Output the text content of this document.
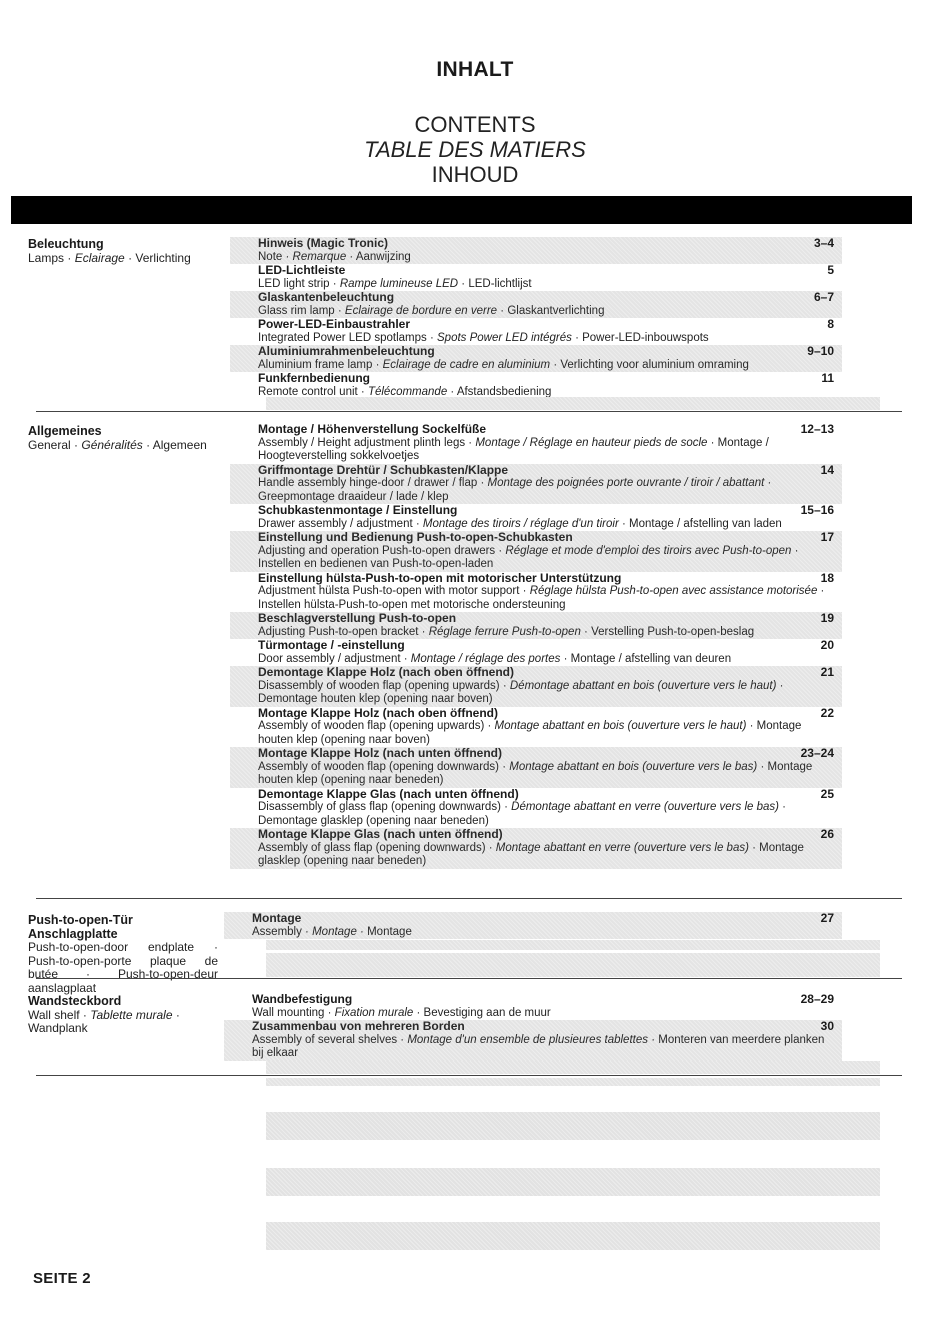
INHALT
CONTENTS
TABLE DES MATIERS
INHOUD
Beleuchtung
Lamps · Eclairage · Verlichting
Hinweis (Magic Tronic)	3–4
Note · Remarque · Aanwijzing
LED-Lichtleiste	5
LED light strip · Rampe lumineuse LED · LED-lichtlijst
Glaskantenbeleuchtung	6–7
Glass rim lamp · Eclairage de bordure en verre · Glaskantverlichting
Power-LED-Einbaustrahler	8
Integrated Power LED spotlamps · Spots Power LED intégrés · Power-LED-inbouwspots
Aluminiumrahmenbeleuchtung	9–10
Aluminium frame lamp · Eclairage de cadre en aluminium · Verlichting voor aluminium omraming
Funkfernbedienung	11
Remote control unit · Télécommande · Afstandsbediening
Allgemeines
General · Généralités · Algemeen
Montage / Höhenverstellung Sockelfüße	12–13
Assembly / Height adjustment plinth legs · Montage / Réglage en hauteur pieds de socle · Montage / Hoogteverstelling sokkelvoetjes
Griffmontage Drehtür / Schubkasten/Klappe	14
Handle assembly hinge-door / drawer / flap · Montage des poignées porte ouvrante / tiroir / abattant · Greepmontage draaideur / lade / klep
Schubkastenmontage / Einstellung	15–16
Drawer assembly / adjustment · Montage des tiroirs / réglage d'un tiroir · Montage / afstelling van laden
Einstellung und Bedienung Push-to-open-Schubkasten	17
Adjusting and operation Push-to-open drawers · Réglage et mode d'emploi des tiroirs avec Push-to-open · Instellen en bedienen van Push-to-open-laden
Einstellung hülsta-Push-to-open mit motorischer Unterstützung	18
Adjustment hülsta Push-to-open with motor support · Réglage hülsta Push-to-open avec assistance motorisée · Instellen hülsta-Push-to-open met motorische ondersteuning
Beschlagverstellung Push-to-open	19
Adjusting Push-to-open bracket · Réglage ferrure Push-to-open · Verstelling Push-to-open-beslag
Türmontage / -einstellung	20
Door assembly / adjustment · Montage / réglage des portes · Montage / afstelling van deuren
Demontage Klappe Holz (nach oben öffnend)	21
Disassembly of wooden flap (opening upwards) · Démontage abattant en bois (ouverture vers le haut) · Demontage houten klep (opening naar boven)
Montage Klappe Holz (nach oben öffnend)	22
Assembly of wooden flap (opening upwards) · Montage abattant en bois (ouverture vers le haut) · Montage houten klep (opening naar boven)
Montage Klappe Holz (nach unten öffnend)	23–24
Assembly of wooden flap (opening downwards) · Montage abattant en bois (ouverture vers le bas) · Montage houten klep (opening naar beneden)
Demontage Klappe Glas (nach unten öffnend)	25
Disassembly of glass flap (opening downwards) · Démontage abattant en verre (ouverture vers le bas) · Demontage glasklep (opening naar beneden)
Montage Klappe Glas (nach unten öffnend)	26
Assembly of glass flap (opening downwards) · Montage abattant en verre (ouverture vers le bas) · Montage glasklep (opening naar beneden)
Push-to-open-Tür Anschlagplatte
Push-to-open-door endplate · Push-to-open-porte plaque de butée · Push-to-open-deur aanslagplaat
Montage	27
Assembly · Montage · Montage
Wandsteckbord
Wall shelf · Tablette murale ·
Wandplank
Wandbefestigung	28–29
Wall mounting · Fixation murale · Bevestiging aan de muur
Zusammenbau von mehreren Borden	30
Assembly of several shelves · Montage d'un ensemble de plusieures tablettes · Monteren van meerdere planken bij elkaar
SEITE 2
